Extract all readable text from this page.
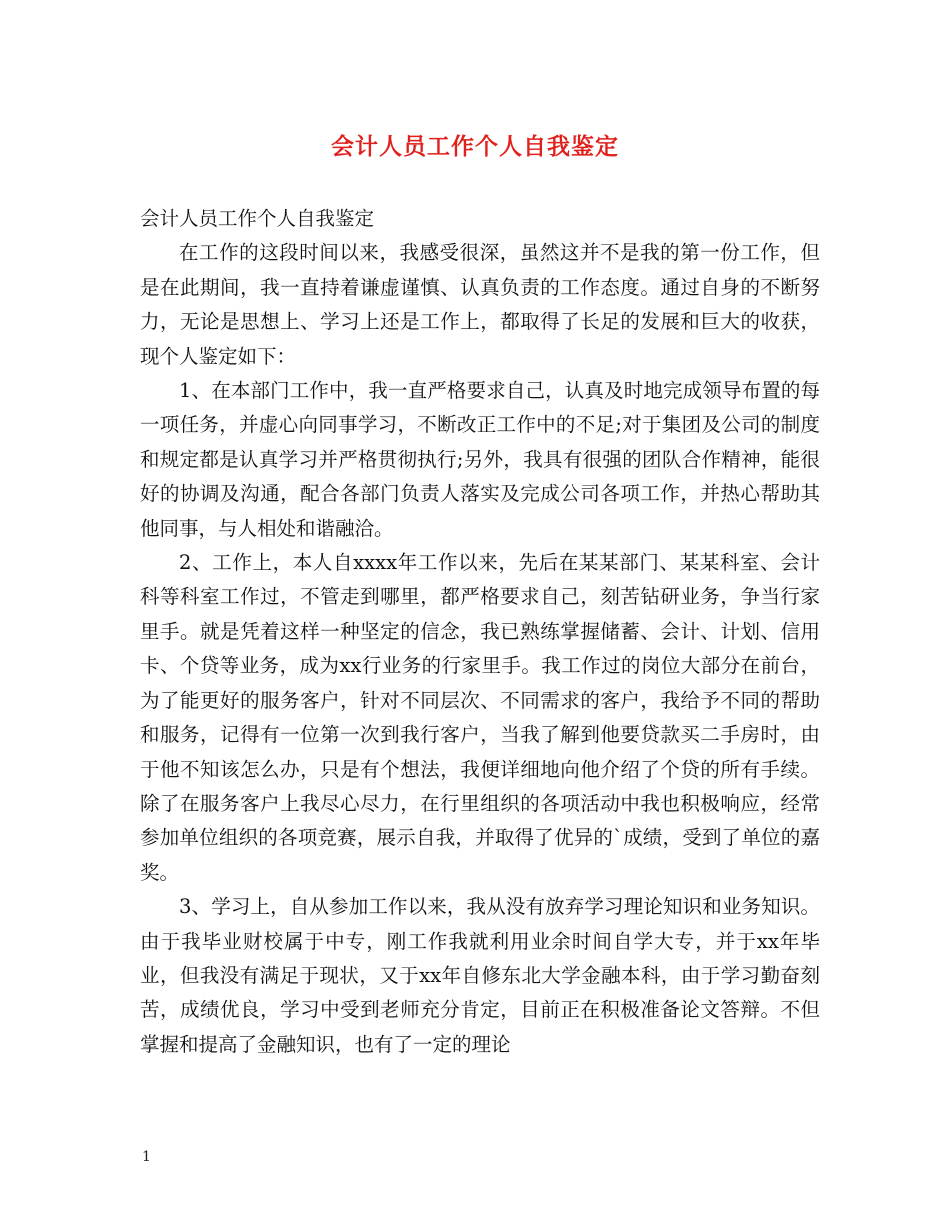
会计人员工作个人自我鉴定

会计人员工作个人自我鉴定

在工作的这段时间以来，我感受很深，虽然这并不是我的第一份工作，但是在此期间，我一直持着谦虚谨慎、认真负责的工作态度。通过自身的不断努力，无论是思想上、学习上还是工作上，都取得了长足的发展和巨大的收获，现个人鉴定如下：

1、在本部门工作中，我一直严格要求自己，认真及时地完成领导布置的每一项任务，并虚心向同事学习，不断改正工作中的不足;对于集团及公司的制度和规定都是认真学习并严格贯彻执行;另外，我具有很强的团队合作精神，能很好的协调及沟通，配合各部门负责人落实及完成公司各项工作，并热心帮助其他同事，与人相处和谐融洽。

2、工作上，本人自xxxx年工作以来，先后在某某部门、某某科室、会计科等科室工作过，不管走到哪里，都严格要求自己，刻苦钻研业务，争当行家里手。就是凭着这样一种坚定的信念，我已熟练掌握储蓄、会计、计划、信用卡、个贷等业务，成为xx行业务的行家里手。我工作过的岗位大部分在前台，为了能更好的服务客户，针对不同层次、不同需求的客户，我给予不同的帮助和服务，记得有一位第一次到我行客户，当我了解到他要贷款买二手房时，由于他不知该怎么办，只是有个想法，我便详细地向他介绍了个贷的所有手续。除了在服务客户上我尽心尽力，在行里组织的各项活动中我也积极响应，经常参加单位组织的各项竞赛，展示自我，并取得了优异的`成绩，受到了单位的嘉奖。

3、学习上，自从参加工作以来，我从没有放弃学习理论知识和业务知识。由于我毕业财校属于中专，刚工作我就利用业余时间自学大专，并于xx年毕业，但我没有满足于现状，又于xx年自修东北大学金融本科，由于学习勤奋刻苦，成绩优良，学习中受到老师充分肯定，目前正在积极准备论文答辩。不但掌握和提高了金融知识，也有了一定的理论

1
